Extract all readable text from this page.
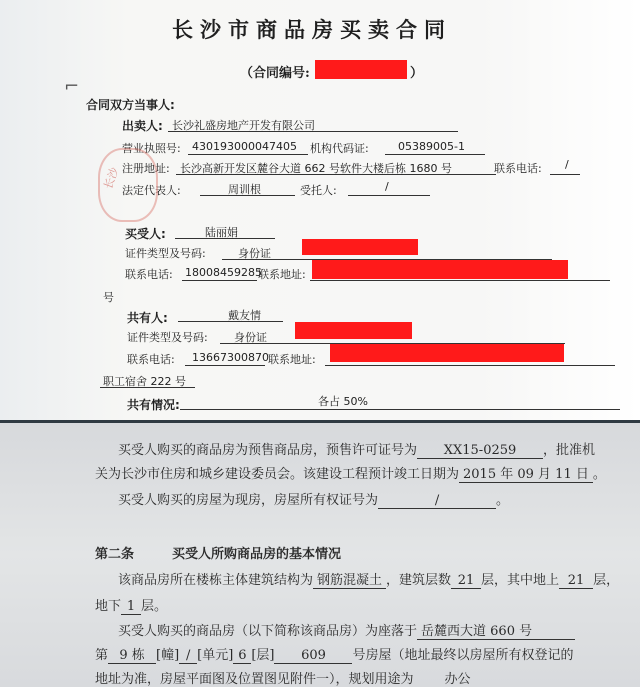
长沙市商品房买卖合同
（合同编号:	）
⌐
合同双方当事人:
出卖人: 长沙礼盛房地产开发有限公司
营业执照号: 430193000047405 机构代码证:	05389005-1
注册地址: 长沙高新开发区麓谷大道 662 号软件大楼后栋 1680 号	联系电话: /
法定代表人:	周训根	受托人:	/
长沙
买受人:	陆丽娟
证件类型及号码:	身份证
联系电话: 18008459285
联系地址:
号
共有人:	戴友情
证件类型及号码: 身份证
联系电话: 13667300870 联系地址:
职工宿舍 222 号
共有情况:	各占 50%
买受人购买的商品房为预售商品房，预售许可证号为 XX15-0259 ，批准机
关为长沙市住房和城乡建设委员会。该建设工程预计竣工日期为 2015 年 09 月 11 日 。
买受人购买的房屋为现房，房屋所有权证号为	/	。
第二条	买受人所购商品房的基本情况
该商品房所在楼栋主体建筑结构为 钢筋混凝土 ，建筑层数 21 层，其中地上 21 层，
地下 1 层。
买受人购买的商品房（以下简称该商品房）为座落于 岳麓西大道 660 号
第 9 栋 [幢] / [单元] 6 [层] 609 号房屋（地址最终以房屋所有权登记的
地址为准，房屋平面图及位置图见附件一），规划用途为 办公
